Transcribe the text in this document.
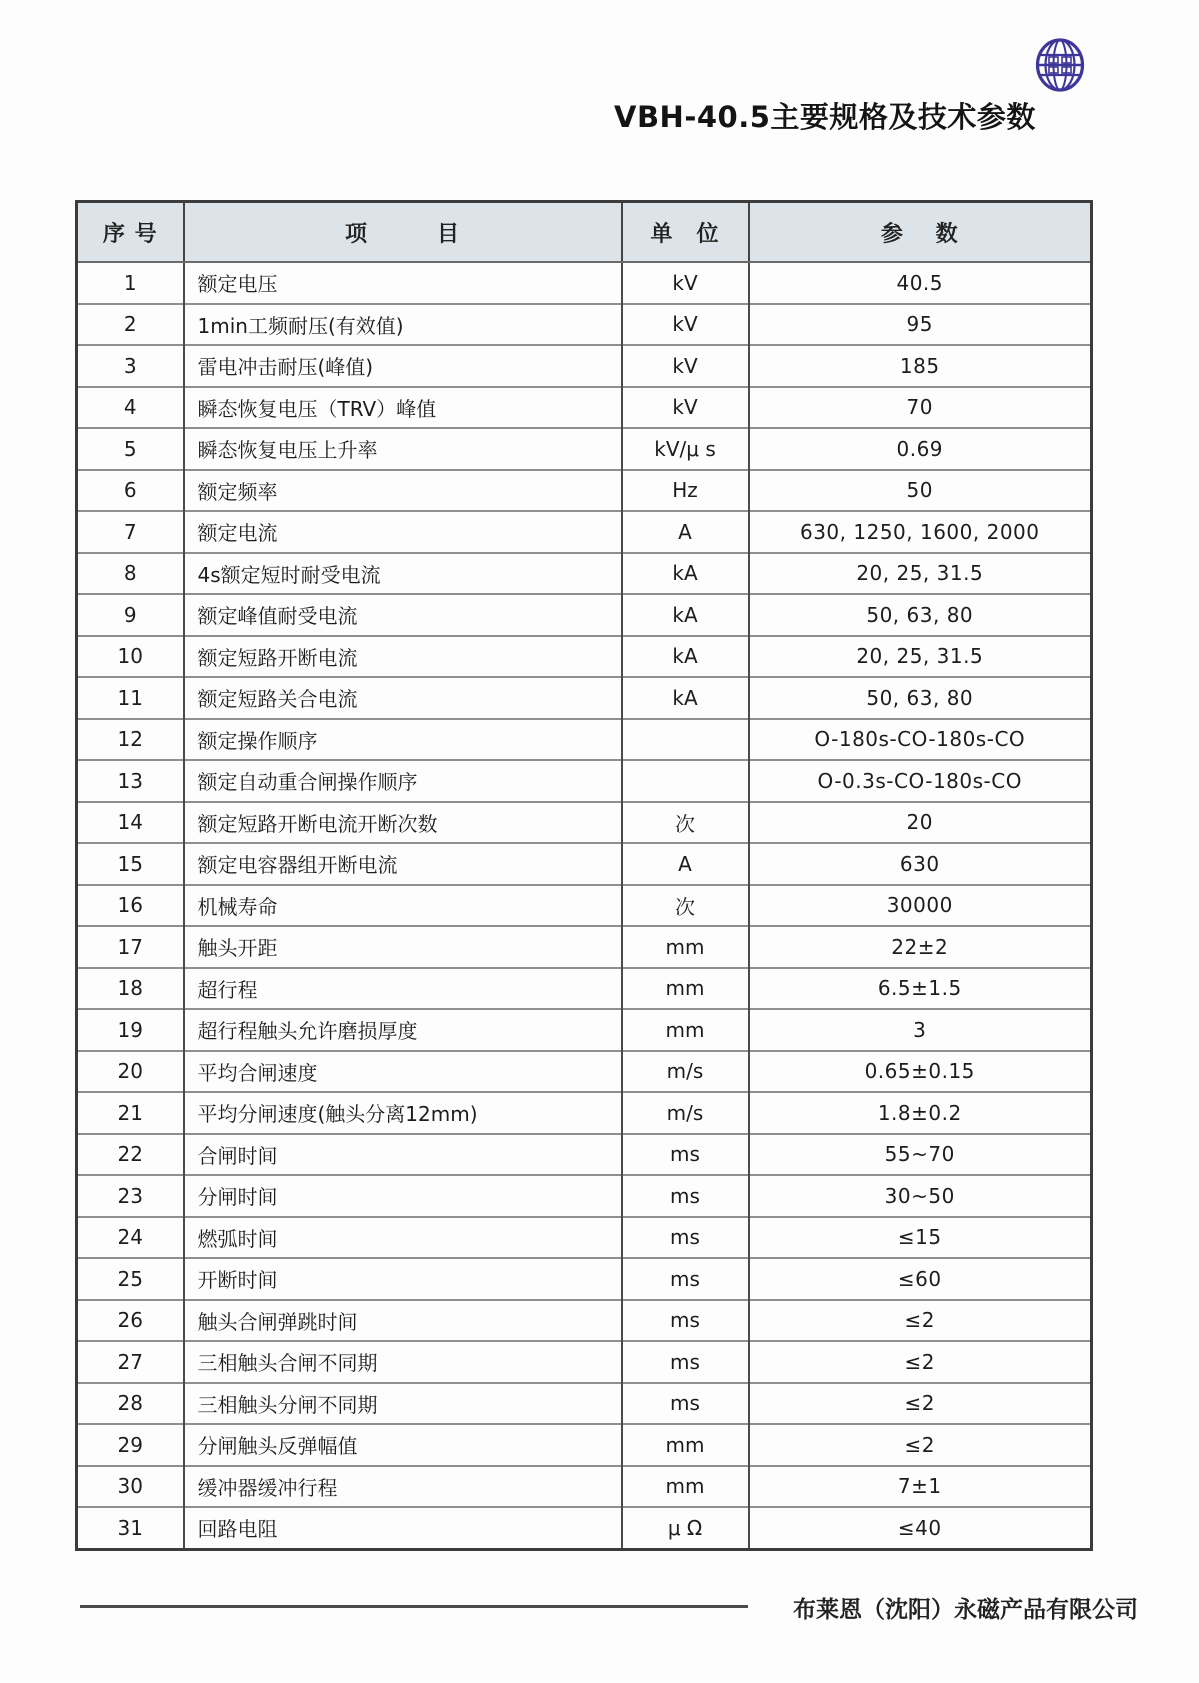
VBH-40.5主要规格及技术参数
序 号	项　　　目	单　位	参　 数
1	额定电压	kV	40.5
2	1min工频耐压(有效值)	kV	95
3	雷电冲击耐压(峰值)	kV	185
4	瞬态恢复电压（TRV）峰值	kV	70
5	瞬态恢复电压上升率	kV/μ s	0.69
6	额定频率	Hz	50
7	额定电流	A	630, 1250, 1600, 2000
8	4s额定短时耐受电流	kA	20, 25, 31.5
9	额定峰值耐受电流	kA	50, 63, 80
10	额定短路开断电流	kA	20, 25, 31.5
11	额定短路关合电流	kA	50, 63, 80
12	额定操作顺序		O-180s-CO-180s-CO
13	额定自动重合闸操作顺序		O-0.3s-CO-180s-CO
14	额定短路开断电流开断次数	次	20
15	额定电容器组开断电流	A	630
16	机械寿命	次	30000
17	触头开距	mm	22±2
18	超行程	mm	6.5±1.5
19	超行程触头允许磨损厚度	mm	3
20	平均合闸速度	m/s	0.65±0.15
21	平均分闸速度(触头分离12mm)	m/s	1.8±0.2
22	合闸时间	ms	55~70
23	分闸时间	ms	30~50
24	燃弧时间	ms	≤15
25	开断时间	ms	≤60
26	触头合闸弹跳时间	ms	≤2
27	三相触头合闸不同期	ms	≤2
28	三相触头分闸不同期	ms	≤2
29	分闸触头反弹幅值	mm	≤2
30	缓冲器缓冲行程	mm	7±1
31	回路电阻	μ Ω	≤40
布莱恩（沈阳）永磁产品有限公司
